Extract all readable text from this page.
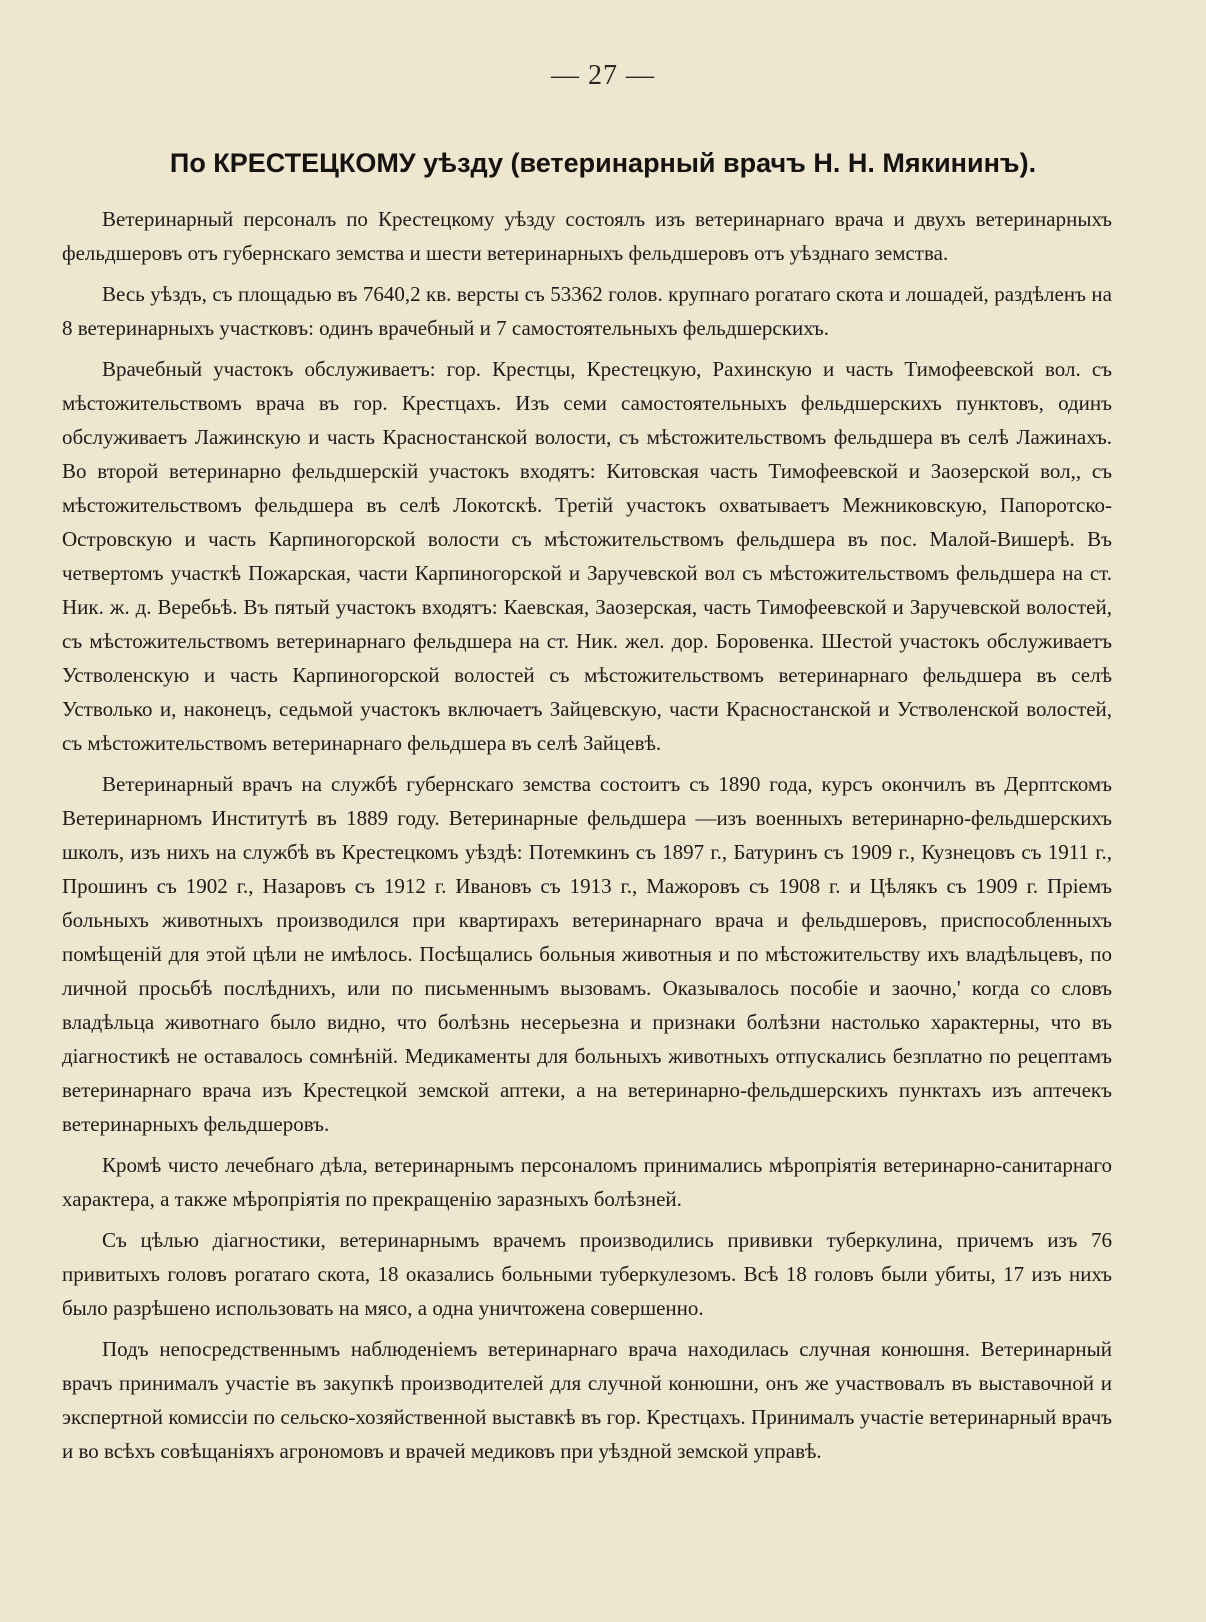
— 27 —
По КРЕСТЕЦКОМУ уѣзду (ветеринарный врачъ Н. Н. Мякининъ).

Ветеринарный персоналъ по Крестецкому уѣзду состоялъ изъ ветеринарнаго врача и двухъ ветеринарныхъ фельдшеровъ отъ губернскаго земства и шести ветеринарныхъ фельдшеровъ отъ уѣзднаго земства.

Весь уѣздъ, съ площадью въ 7640,2 кв. версты съ 53362 голов. крупнаго рогатаго скота и лошадей, раздѣленъ на 8 ветеринарныхъ участковъ: одинъ врачебный и 7 самостоятельныхъ фельдшерскихъ.

Врачебный участокъ обслуживаетъ: гор. Крестцы, Крестецкую, Рахинскую и часть Тимофеевской вол. съ мѣстожительствомъ врача въ гор. Крестцахъ. Изъ семи самостоятельныхъ фельдшерскихъ пунктовъ, одинъ обслуживаетъ Лажинскую и часть Красностанской волости, съ мѣстожительствомъ фельдшера въ селѣ Лажинахъ. Во второй ветеринарно фельдшерскій участокъ входятъ: Китовская часть Тимофеевской и Заозерской вол,, съ мѣстожительствомъ фельдшера въ селѣ Локотскѣ. Третій участокъ охватываетъ Межниковскую, Папоротско-Островскую и часть Карпиногорской волости съ мѣстожительствомъ фельдшера въ пос. Малой-Вишерѣ. Въ четвертомъ участкѣ Пожарская, части Карпиногорской и Заручевской вол съ мѣстожительствомъ фельдшера на ст. Ник. ж. д. Веребьѣ. Въ пятый участокъ входятъ: Каевская, Заозерская, часть Тимофеевской и Заручевской волостей, съ мѣстожительствомъ ветеринарнаго фельдшера на ст. Ник. жел. дор. Боровенка. Шестой участокъ обслуживаетъ Устволенскую и часть Карпиногорской волостей съ мѣстожительствомъ ветеринарнаго фельдшера въ селѣ Устволько и, наконецъ, седьмой участокъ включаетъ Зайцевскую, части Красностанской и Устволенской волостей, съ мѣстожительствомъ ветеринарнаго фельдшера въ селѣ Зайцевѣ.

Ветеринарный врачъ на службѣ губернскаго земства состоитъ съ 1890 года, курсъ окончилъ въ Дерптскомъ Ветеринарномъ Институтѣ въ 1889 году. Ветеринарные фельдшера —изъ военныхъ ветеринарно-фельдшерскихъ школъ, изъ нихъ на службѣ въ Крестецкомъ уѣздѣ: Потемкинъ съ 1897 г., Батуринъ съ 1909 г., Кузнецовъ съ 1911 г., Прошинъ съ 1902 г., Назаровъ съ 1912 г. Ивановъ съ 1913 г., Мажоровъ съ 1908 г. и Цѣлякъ съ 1909 г. Пріемъ больныхъ животныхъ производился при квартирахъ ветеринарнаго врача и фельдшеровъ, приспособленныхъ помѣщеній для этой цѣли не имѣлось. Посѣщались больныя животныя и по мѣстожительству ихъ владѣльцевъ, по личной просьбѣ послѣднихъ, или по письменнымъ вызовамъ. Оказывалось пособіе и заочно,' когда со словъ владѣльца животнаго было видно, что болѣзнь несерьезна и признаки болѣзни настолько характерны, что въ діагностикѣ не оставалось сомнѣній. Медикаменты для больныхъ животныхъ отпускались безплатно по рецептамъ ветеринарнаго врача изъ Крестецкой земской аптеки, а на ветеринарно-фельдшерскихъ пунктахъ изъ аптечекъ ветеринарныхъ фельдшеровъ.

Кромѣ чисто лечебнаго дѣла, ветеринарнымъ персоналомъ принимались мѣропріятія ветеринарно-санитарнаго характера, а также мѣропріятія по прекращенію заразныхъ болѣзней.

Съ цѣлью діагностики, ветеринарнымъ врачемъ производились прививки туберкулина, причемъ изъ 76 привитыхъ головъ рогатаго скота, 18 оказались больными туберкулезомъ. Всѣ 18 головъ были убиты, 17 изъ нихъ было разрѣшено использовать на мясо, а одна уничтожена совершенно.

Подъ непосредственнымъ наблюденіемъ ветеринарнаго врача находилась случная конюшня. Ветеринарный врачъ принималъ участіе въ закупкѣ производителей для случной конюшни, онъ же участвовалъ въ выставочной и экспертной комиссіи по сельско-хозяйственной выставкѣ въ гор. Крестцахъ. Принималъ участіе ветеринарный врачъ и во всѣхъ совѣщаніяхъ агрономовъ и врачей медиковъ при уѣздной земской управѣ.
